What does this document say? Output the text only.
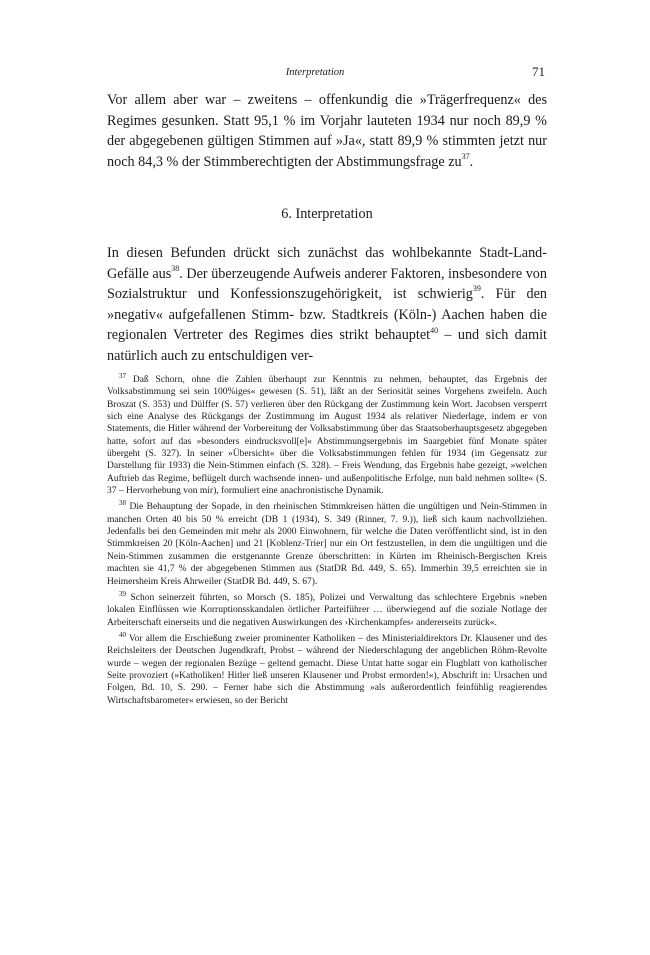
Interpretation	71

Vor allem aber war – zweitens – offenkundig die »Trägerfrequenz« des Regimes gesunken. Statt 95,1 % im Vorjahr lauteten 1934 nur noch 89,9 % der abgegebenen gültigen Stimmen auf »Ja«, statt 89,9 % stimmten jetzt nur noch 84,3 % der Stimmberechtigten der Abstimmungsfrage $zu^{37}$.

6. Interpretation

In diesen Befunden drückt sich zunächst das wohlbekannte Stadt-Land-Gefälle aus$^{38}$. Der überzeugende Aufweis anderer Faktoren, insbesondere von Sozialstruktur und Konfessionszugehörigkeit, ist schwierig$^{39}$. Für den »negativ« aufgefallenen Stimm- bzw. Stadtkreis (Köln-) Aachen haben die regionalen Vertreter des Regimes dies strikt behauptet$^{40}$ – und sich damit natürlich auch zu entschuldigen ver-

$^{37}$ Daß Schorn, ohne die Zahlen überhaupt zur Kenntnis zu nehmen, behauptet, das Ergebnis der Volksabstimmung sei sein 100%iges« gewesen (S. 51), läßt an der Seriosität seines Vorgehens zweifeln. Auch Broszat (S. 353) und Dülffer (S. 57) verlieren über den Rückgang der Zustimmung kein Wort. Jacobsen versperrt sich eine Analyse des Rückgangs der Zustimmung im August 1934 als relativer Niederlage, indem er von Statements, die Hitler während der Vorbereitung der Volksabstimmung über das Staatsoberhauptsgesetz abgegeben hatte, sofort auf das »besonders eindrucksvoll[e]« Abstimmungsergebnis im Saargebiet fünf Monate später übergeht (S. 327). In seiner »Übersicht« über die Volksabstimmungen fehlen für 1934 (im Gegensatz zur Darstellung für 1933) die Nein-Stimmen einfach (S. 328). – Freis Wendung, das Ergebnis habe gezeigt, »welchen Auftrieb das Regime, beflügelt durch wachsende innen- und außenpolitische Erfolge, nun bald nehmen sollte« (S. 37 – Hervorhebung von mir), formuliert eine anachronistische Dynamik.

$^{38}$ Die Behauptung der Sopade, in den rheinischen Stimmkreisen hätten die ungültigen und Nein-Stimmen in manchen Orten 40 bis 50 % erreicht (DB 1 (1934), S. 349 (Rinner, 7. 9.)), ließ sich kaum nachvollziehen. Jedenfalls bei den Gemeinden mit mehr als 2000 Einwohnern, für welche die Daten veröffentlicht sind, ist in den Stimmkreisen 20 [Köln-Aachen] und 21 [Koblenz-Trier] nur ein Ort festzustellen, in dem die ungültigen und die Nein-Stimmen zusammen die erstgenannte Grenze überschritten: in Kürten im Rheinisch-Bergischen Kreis machten sie 41,7 % der abgegebenen Stimmen aus (StatDR Bd. 449, S. 65). Immerhin 39,5 erreichten sie in Heimersheim Kreis Ahrweiler (StatDR Bd. 449, S. 67).

$^{39}$ Schon seinerzeit führten, so Morsch (S. 185), Polizei und Verwaltung das schlechtere Ergebnis »neben lokalen Einflüssen wie Korruptionsskandalen örtlicher Parteiführer … überwiegend auf die soziale Notlage der Arbeiterschaft einerseits und die negativen Auswirkungen des ›Kirchenkampfes‹ andererseits zurück«.

$^{40}$ Vor allem die Erschießung zweier prominenter Katholiken – des Ministerialdirektors Dr. Klausener und des Reichsleiters der Deutschen Jugendkraft, Probst – während der Niederschlagung der angeblichen Röhm-Revolte wurde – wegen der regionalen Bezüge – geltend gemacht. Diese Untat hatte sogar ein Flugblatt von katholischer Seite provoziert (»Katholiken! Hitler ließ unseren Klausener und Probst ermorden!«), Abschrift in: Ursachen und Folgen, Bd. 10, S. 290. – Ferner habe sich die Abstimmung »als außerordentlich feinfühlig reagierendes Wirtschaftsbarometer« erwiesen, so der Bericht
